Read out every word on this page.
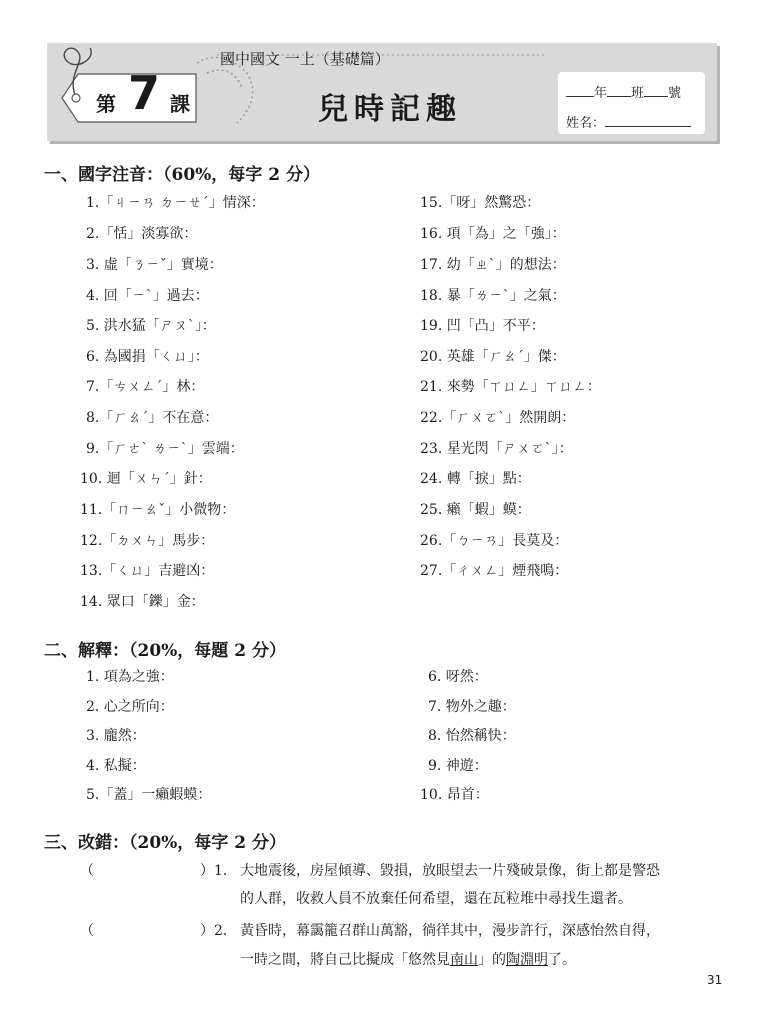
國中國文 一上（基礎篇）
第 7 課	兒時記趣	年 班 號
姓名：
一、國字注音：（60%，每字 2 分）
1.「ㄐㄧㄢ ㄉㄧㄝˊ」情深：
2.「恬」淡寡欲：
3. 虛「ㄋㄧˇ」實境：
4. 回「ㄧˋ」過去：
5. 洪水猛「ㄕㄡˋ」：
6. 為國捐「ㄑㄩ」：
7.「ㄘㄨㄥˊ」林：
8.「ㄏㄠˊ」不在意：
9.「ㄏㄜˋ ㄌㄧˋ」雲端：
10. 迴「ㄨㄣˊ」針：
11.「ㄇㄧㄠˇ」小微物：
12.「ㄉㄨㄣ」馬步：
13.「ㄑㄩ」吉避凶：
14. 眾口「鑠」金：
15.「呀」然驚恐：
16. 項「為」之「強」：
17. 幼「ㄓˋ」的想法：
18. 暴「ㄌㄧˋ」之氣：
19. 凹「凸」不平：
20. 英雄「ㄏㄠˊ」傑：
21. 來勢「ㄒㄩㄥ」ㄒㄩㄥ：
22.「ㄏㄨㄛˋ」然開朗：
23. 星光閃「ㄕㄨㄛˋ」：
24. 轉「捩」點：
25. 癩「蝦」蟆：
26.「ㄅㄧㄢ」長莫及：
27.「ㄔㄨㄥ」煙飛鳴：
二、解釋：（20%，每題 2 分）
1. 項為之強：
2. 心之所向：
3. 龐然：
4. 私擬：
5.「蓋」一癩蝦蟆：
6. 呀然：
7. 物外之趣：
8. 怡然稱快：
9. 神遊：
10. 昂首：
三、改錯：（20%，每字 2 分）
（	）1. 大地震後，房屋傾導、毀損，放眼望去一片殘破景像，街上都是警恐
的人群，收救人員不放棄任何希望，還在瓦粒堆中尋找生還者。
（	）2. 黃昏時，幕靄籠召群山萬豁，徜徉其中，漫步許行，深感怡然自得，
一時之間，將自己比擬成「悠然見南山」的陶淵明了。
31
